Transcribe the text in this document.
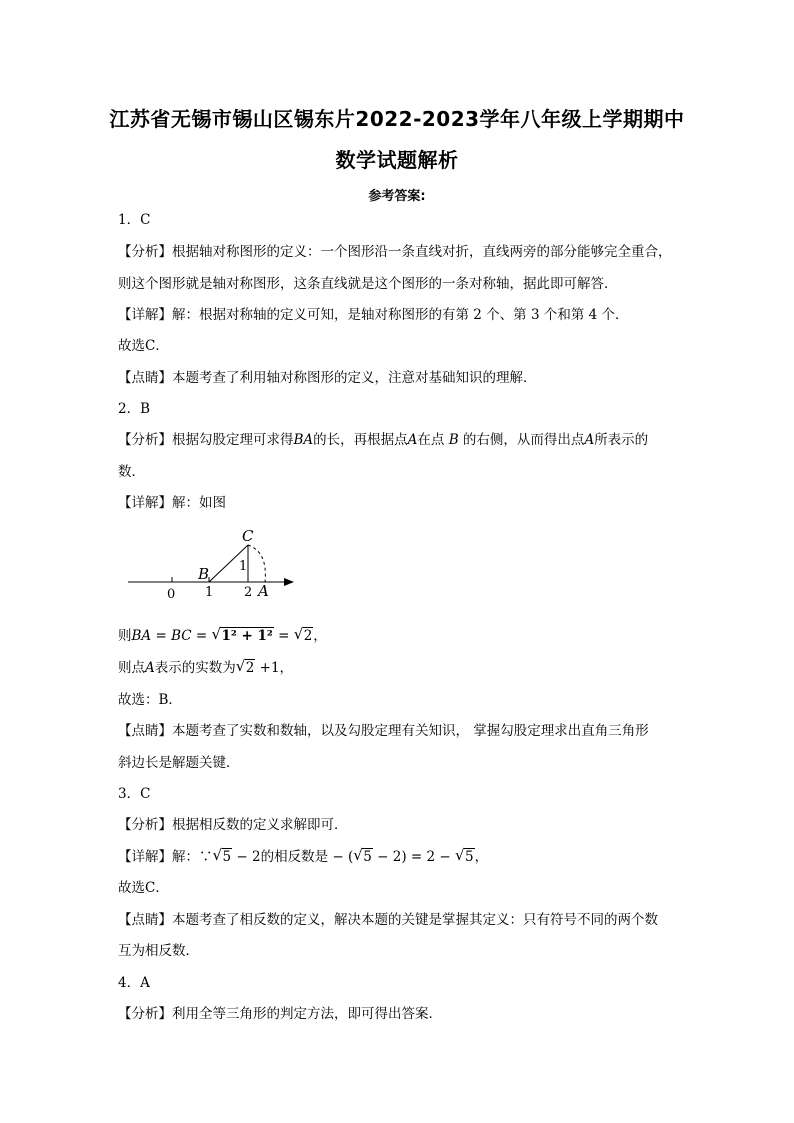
江苏省无锡市锡山区锡东片2022-2023学年八年级上学期期中
数学试题解析
参考答案:
1．C
【分析】根据轴对称图形的定义：一个图形沿一条直线对折，直线两旁的部分能够完全重合，
则这个图形就是轴对称图形，这条直线就是这个图形的一条对称轴，据此即可解答．
【详解】解：根据对称轴的定义可知，是轴对称图形的有第 2 个、第 3 个和第 4 个．
故选C．
【点睛】本题考查了利用轴对称图形的定义，注意对基础知识的理解．
2．B
【分析】根据勾股定理可求得BA的长，再根据点A在点 B 的右侧，从而得出点A所表示的
数．
【详解】解：如图
C
B
A
1
0 1 2
则BA = BC = √ 1² + 1² = √ 2，
则点A表示的实数为 √ 2 +1，
故选：B．
【点睛】本题考查了实数和数轴，以及勾股定理有关知识， 掌握勾股定理求出直角三角形
斜边长是解题关键．
3．C
【分析】根据相反数的定义求解即可．
【详解】解：∵ √ 5 − 2的相反数是 − ( √ 5 − 2) = 2 − √ 5，
故选C．
【点睛】本题考查了相反数的定义，解决本题的关键是掌握其定义：只有符号不同的两个数
互为相反数．
4．A
【分析】利用全等三角形的判定方法，即可得出答案．
